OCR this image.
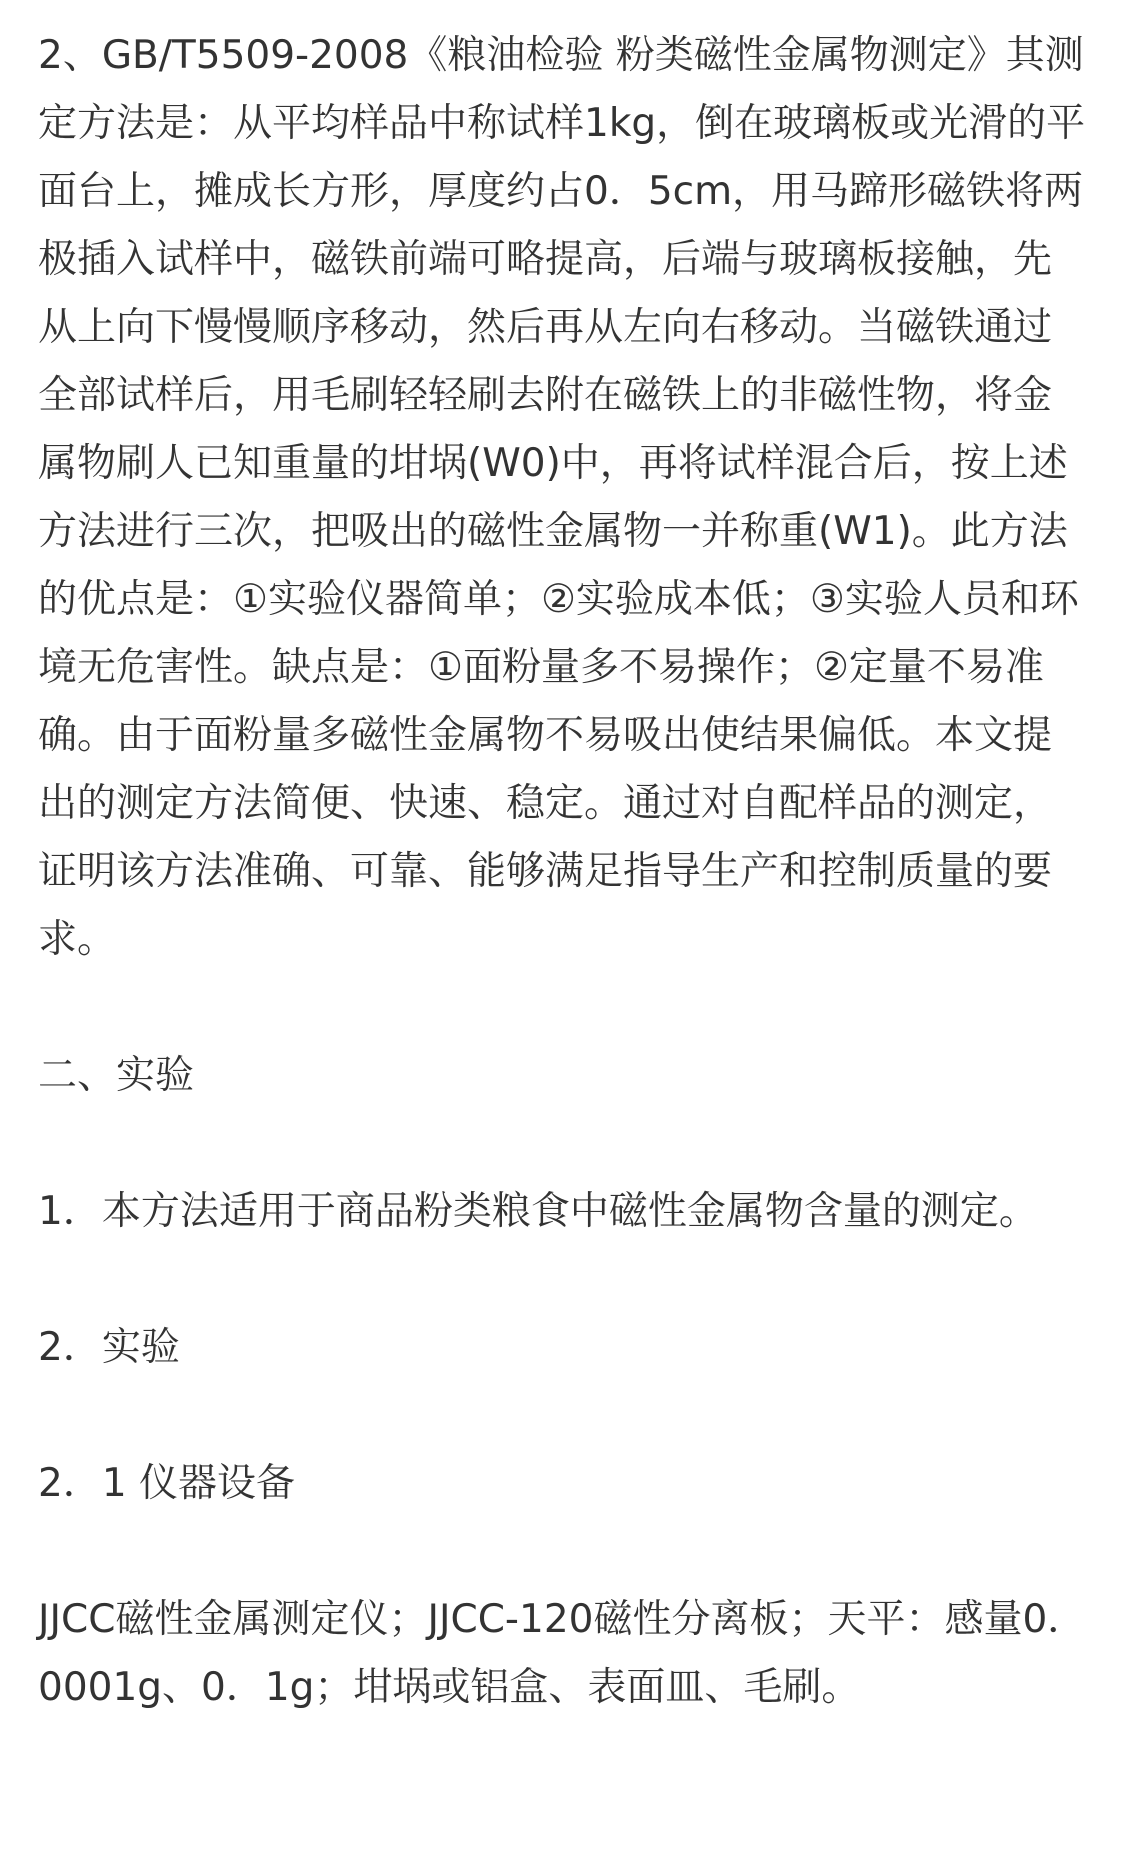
2、GB/T5509-2008《粮油检验 粉类磁性金属物测定》其测定方法是：从平均样品中称试样1kg，倒在玻璃板或光滑的平面台上，摊成长方形，厚度约占0．5cm，用马蹄形磁铁将两极插入试样中，磁铁前端可略提高，后端与玻璃板接触，先从上向下慢慢顺序移动，然后再从左向右移动。当磁铁通过全部试样后，用毛刷轻轻刷去附在磁铁上的非磁性物，将金属物刷人已知重量的坩埚(W0)中，再将试样混合后，按上述方法进行三次，把吸出的磁性金属物一并称重(W1)。此方法的优点是：①实验仪器简单；②实验成本低；③实验人员和环境无危害性。缺点是：①面粉量多不易操作；②定量不易准确。由于面粉量多磁性金属物不易吸出使结果偏低。本文提出的测定方法简便、快速、稳定。通过对自配样品的测定，证明该方法准确、可靠、能够满足指导生产和控制质量的要求。

二、实验

1．本方法适用于商品粉类粮食中磁性金属物含量的测定。

2．实验

2．1 仪器设备

JJCC磁性金属测定仪；JJCC-120磁性分离板；天平：感量0．0001g、0．1g；坩埚或铝盒、表面皿、毛刷。
